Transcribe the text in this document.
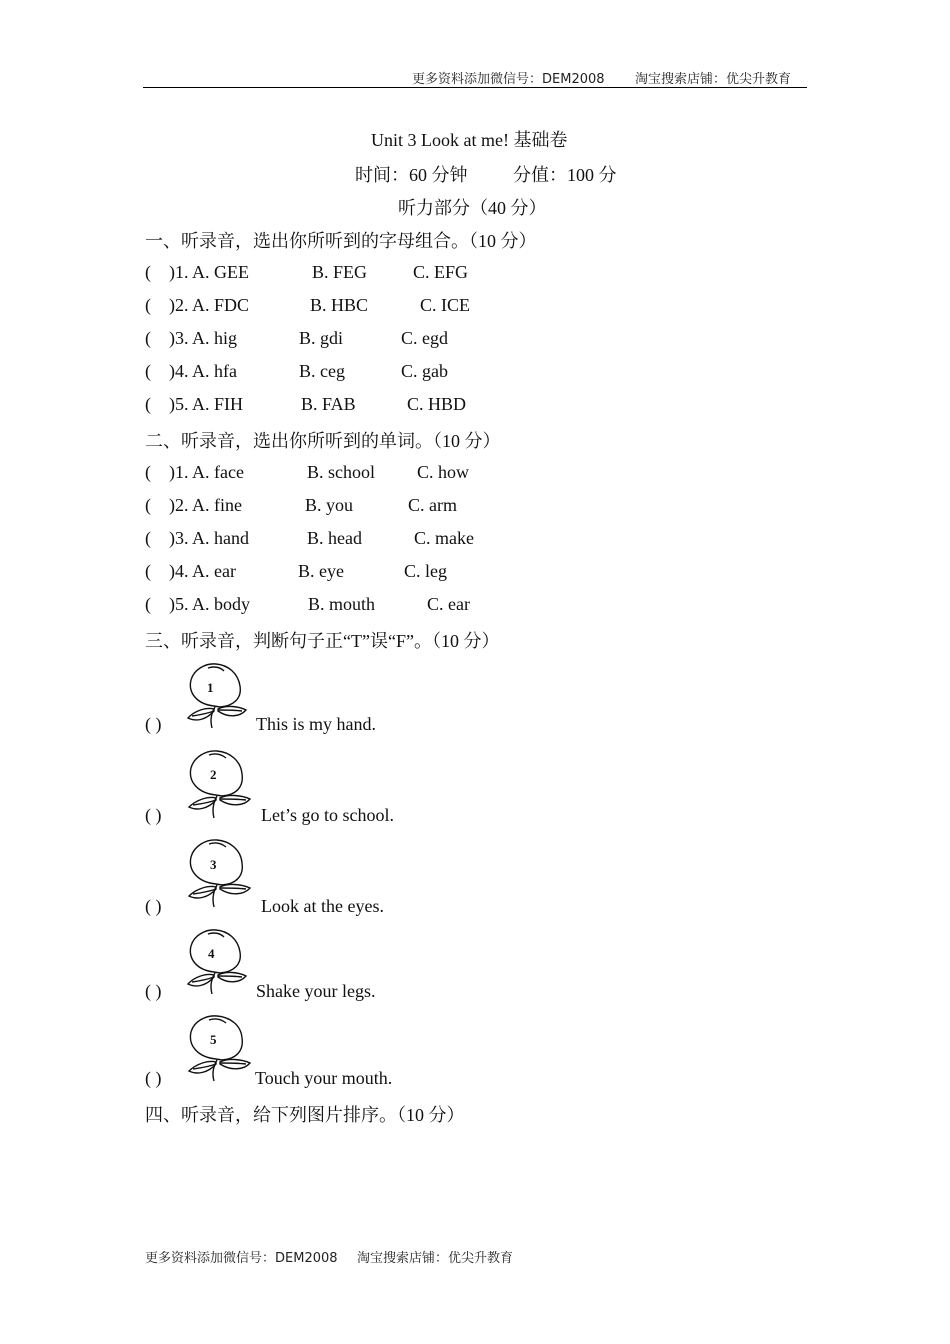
更多资料添加微信号：DEM2008 淘宝搜索店铺：优尖升教育
Unit 3 Look at me! 基础卷
时间：60 分钟	分值：100 分
听力部分（40 分）
一、听录音，选出你所听到的字母组合。（10 分）
( )1. A. GEE	B. FEG	C. EFG
( )2. A. FDC	B. HBC	C. ICE
( )3. A. hig	B. gdi	C. egd
( )4. A. hfa	B. ceg	C. gab
( )5. A. FIH	B. FAB	C. HBD
二、听录音，选出你所听到的单词。（10 分）
( )1. A. face	B. school C. how
( )2. A. fine	B. you	C. arm
( )3. A. hand	B. head	C. make
( )4. A. ear	B. eye	C. leg
( )5. A. body	B. mouth	C. ear
三、听录音，判断句子正“T”误“F”。（10 分）
( )
1
This is my hand.
( )
2
Let’s go to school.
( )
3
Look at the eyes.
( )
4
Shake your legs.
( )
5
Touch your mouth.
四、听录音，给下列图片排序。（10 分）
更多资料添加微信号：DEM2008 淘宝搜索店铺：优尖升教育
